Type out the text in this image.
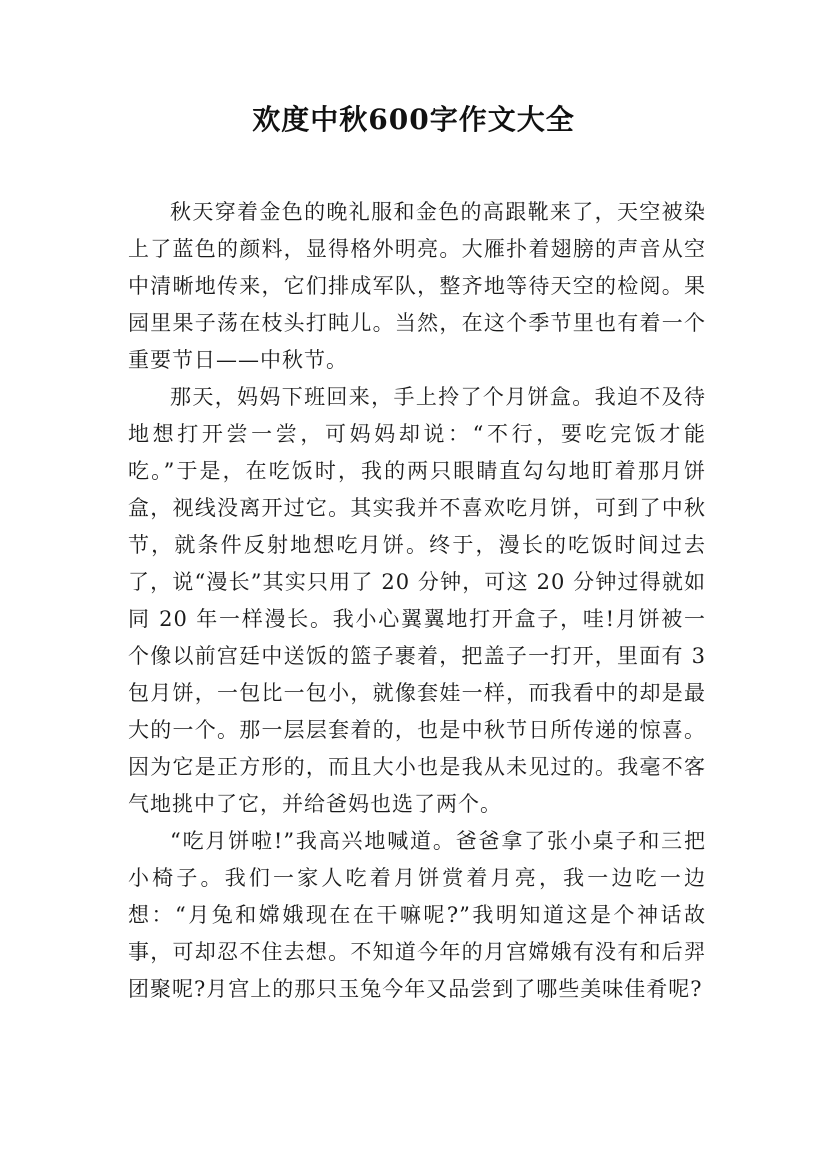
欢度中秋600字作文大全

秋天穿着金色的晚礼服和金色的高跟靴来了，天空被染上了蓝色的颜料，显得格外明亮。大雁扑着翅膀的声音从空中清晰地传来，它们排成军队，整齐地等待天空的检阅。果园里果子荡在枝头打盹儿。当然，在这个季节里也有着一个重要节日——中秋节。

那天，妈妈下班回来，手上拎了个月饼盒。我迫不及待地想打开尝一尝，可妈妈却说：“不行，要吃完饭才能吃。”于是，在吃饭时，我的两只眼睛直勾勾地盯着那月饼盒，视线没离开过它。其实我并不喜欢吃月饼，可到了中秋节，就条件反射地想吃月饼。终于，漫长的吃饭时间过去了，说“漫长”其实只用了 20 分钟，可这 20 分钟过得就如同 20 年一样漫长。我小心翼翼地打开盒子，哇!月饼被一个像以前宫廷中送饭的篮子裹着，把盖子一打开，里面有 3 包月饼，一包比一包小，就像套娃一样，而我看中的却是最大的一个。那一层层套着的，也是中秋节日所传递的惊喜。因为它是正方形的，而且大小也是我从未见过的。我毫不客气地挑中了它，并给爸妈也选了两个。

“吃月饼啦!”我高兴地喊道。爸爸拿了张小桌子和三把小椅子。我们一家人吃着月饼赏着月亮，我一边吃一边想：“月兔和嫦娥现在在干嘛呢?”我明知道这是个神话故事，可却忍不住去想。不知道今年的月宫嫦娥有没有和后羿团聚呢?月宫上的那只玉兔今年又品尝到了哪些美味佳肴呢?
